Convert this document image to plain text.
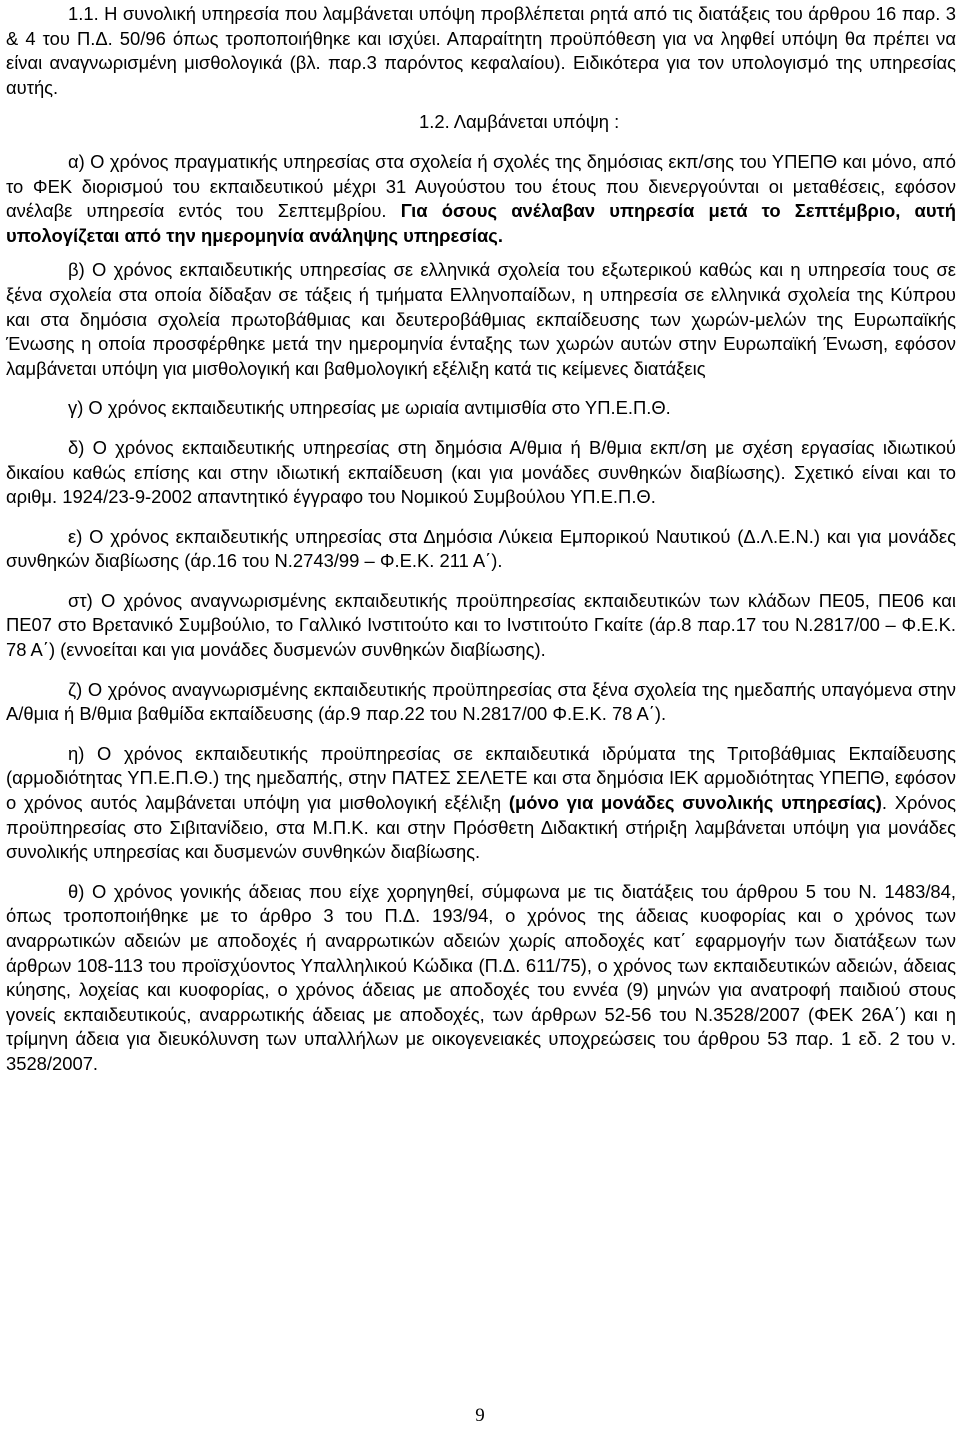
1.1. Η συνολική υπηρεσία που λαμβάνεται υπόψη προβλέπεται ρητά από τις διατάξεις του άρθρου 16 παρ. 3 & 4 του Π.Δ. 50/96 όπως τροποποιήθηκε και ισχύει. Απαραίτητη προϋπόθεση για να ληφθεί υπόψη θα πρέπει να είναι αναγνωρισμένη μισθολογικά (βλ. παρ.3 παρόντος κεφαλαίου). Ειδικότερα για τον υπολογισμό της υπηρεσίας αυτής.

1.2. Λαμβάνεται υπόψη :

α) Ο χρόνος πραγματικής υπηρεσίας στα σχολεία ή σχολές της δημόσιας εκπ/σης του ΥΠΕΠΘ και μόνο, από το ΦΕΚ διορισμού του εκπαιδευτικού μέχρι 31 Αυγούστου του έτους που διενεργούνται οι μεταθέσεις, εφόσον ανέλαβε υπηρεσία εντός του Σεπτεμβρίου. Για όσους ανέλαβαν υπηρεσία μετά το Σεπτέμβριο, αυτή υπολογίζεται από την ημερομηνία ανάληψης υπηρεσίας.

β) Ο χρόνος εκπαιδευτικής υπηρεσίας σε ελληνικά σχολεία του εξωτερικού καθώς και η υπηρεσία τους σε ξένα σχολεία στα οποία δίδαξαν σε τάξεις ή τμήματα Ελληνοπαίδων, η υπηρεσία σε ελληνικά σχολεία της Κύπρου και στα δημόσια σχολεία πρωτοβάθμιας και δευτεροβάθμιας εκπαίδευσης των χωρών-μελών της Ευρωπαϊκής Ένωσης η οποία προσφέρθηκε μετά την ημερομηνία ένταξης των χωρών αυτών στην Ευρωπαϊκή Ένωση, εφόσον λαμβάνεται υπόψη για μισθολογική και βαθμολογική εξέλιξη κατά τις κείμενες διατάξεις

γ) Ο χρόνος εκπαιδευτικής υπηρεσίας με ωριαία αντιμισθία στο ΥΠ.Ε.Π.Θ.

δ) Ο χρόνος εκπαιδευτικής υπηρεσίας στη δημόσια Α/θμια ή Β/θμια εκπ/ση με σχέση εργασίας ιδιωτικού δικαίου καθώς επίσης και στην ιδιωτική εκπαίδευση (και για μονάδες συνθηκών διαβίωσης). Σχετικό είναι και το αριθμ. 1924/23-9-2002 απαντητικό έγγραφο του Νομικού Συμβούλου ΥΠ.Ε.Π.Θ.

ε) Ο χρόνος εκπαιδευτικής υπηρεσίας στα Δημόσια Λύκεια Εμπορικού Ναυτικού (Δ.Λ.Ε.Ν.) και για μονάδες συνθηκών διαβίωσης (άρ.16 του Ν.2743/99 – Φ.Ε.Κ. 211 Α΄).

στ) Ο χρόνος αναγνωρισμένης εκπαιδευτικής προϋπηρεσίας εκπαιδευτικών των κλάδων ΠΕ05, ΠΕ06 και ΠΕ07 στο Βρετανικό Συμβούλιο, το Γαλλικό Ινστιτούτο και το Ινστιτούτο Γκαίτε (άρ.8 παρ.17 του Ν.2817/00 – Φ.Ε.Κ. 78 Α΄) (εννοείται και για μονάδες δυσμενών συνθηκών διαβίωσης).

ζ) Ο χρόνος αναγνωρισμένης εκπαιδευτικής προϋπηρεσίας στα ξένα σχολεία της ημεδαπής υπαγόμενα στην Α/θμια ή Β/θμια βαθμίδα εκπαίδευσης (άρ.9 παρ.22 του Ν.2817/00 Φ.Ε.Κ. 78 Α΄).

η) Ο χρόνος εκπαιδευτικής προϋπηρεσίας σε εκπαιδευτικά ιδρύματα της Τριτοβάθμιας Εκπαίδευσης (αρμοδιότητας ΥΠ.Ε.Π.Θ.) της ημεδαπής, στην ΠΑΤΕΣ ΣΕΛΕΤΕ και στα δημόσια ΙΕΚ αρμοδιότητας ΥΠΕΠΘ, εφόσον ο χρόνος αυτός λαμβάνεται υπόψη για μισθολογική εξέλιξη (μόνο για μονάδες συνολικής υπηρεσίας). Χρόνος προϋπηρεσίας στο Σιβιτανίδειο, στα Μ.Π.Κ. και στην Πρόσθετη Διδακτική στήριξη λαμβάνεται υπόψη για μονάδες συνολικής υπηρεσίας και δυσμενών συνθηκών διαβίωσης.

θ) Ο χρόνος γονικής άδειας που είχε χορηγηθεί, σύμφωνα με τις διατάξεις του άρθρου 5 του Ν. 1483/84, όπως τροποποιήθηκε με το άρθρο 3 του Π.Δ. 193/94, ο χρόνος της άδειας κυοφορίας και ο χρόνος των αναρρωτικών αδειών με αποδοχές ή αναρρωτικών αδειών χωρίς αποδοχές κατ΄ εφαρμογήν των διατάξεων των άρθρων 108-113 του προϊσχύοντος Υπαλληλικού Κώδικα (Π.Δ. 611/75), ο χρόνος των εκπαιδευτικών αδειών, άδειας κύησης, λοχείας και κυοφορίας, ο χρόνος άδειας με αποδοχές του εννέα (9) μηνών για ανατροφή παιδιού στους γονείς εκπαιδευτικούς, αναρρωτικής άδειας με αποδοχές, των άρθρων 52-56 του Ν.3528/2007 (ΦΕΚ 26Α΄) και η τρίμηνη άδεια για διευκόλυνση των υπαλλήλων με οικογενειακές υποχρεώσεις του άρθρου 53 παρ. 1 εδ. 2 του ν. 3528/2007.

9
